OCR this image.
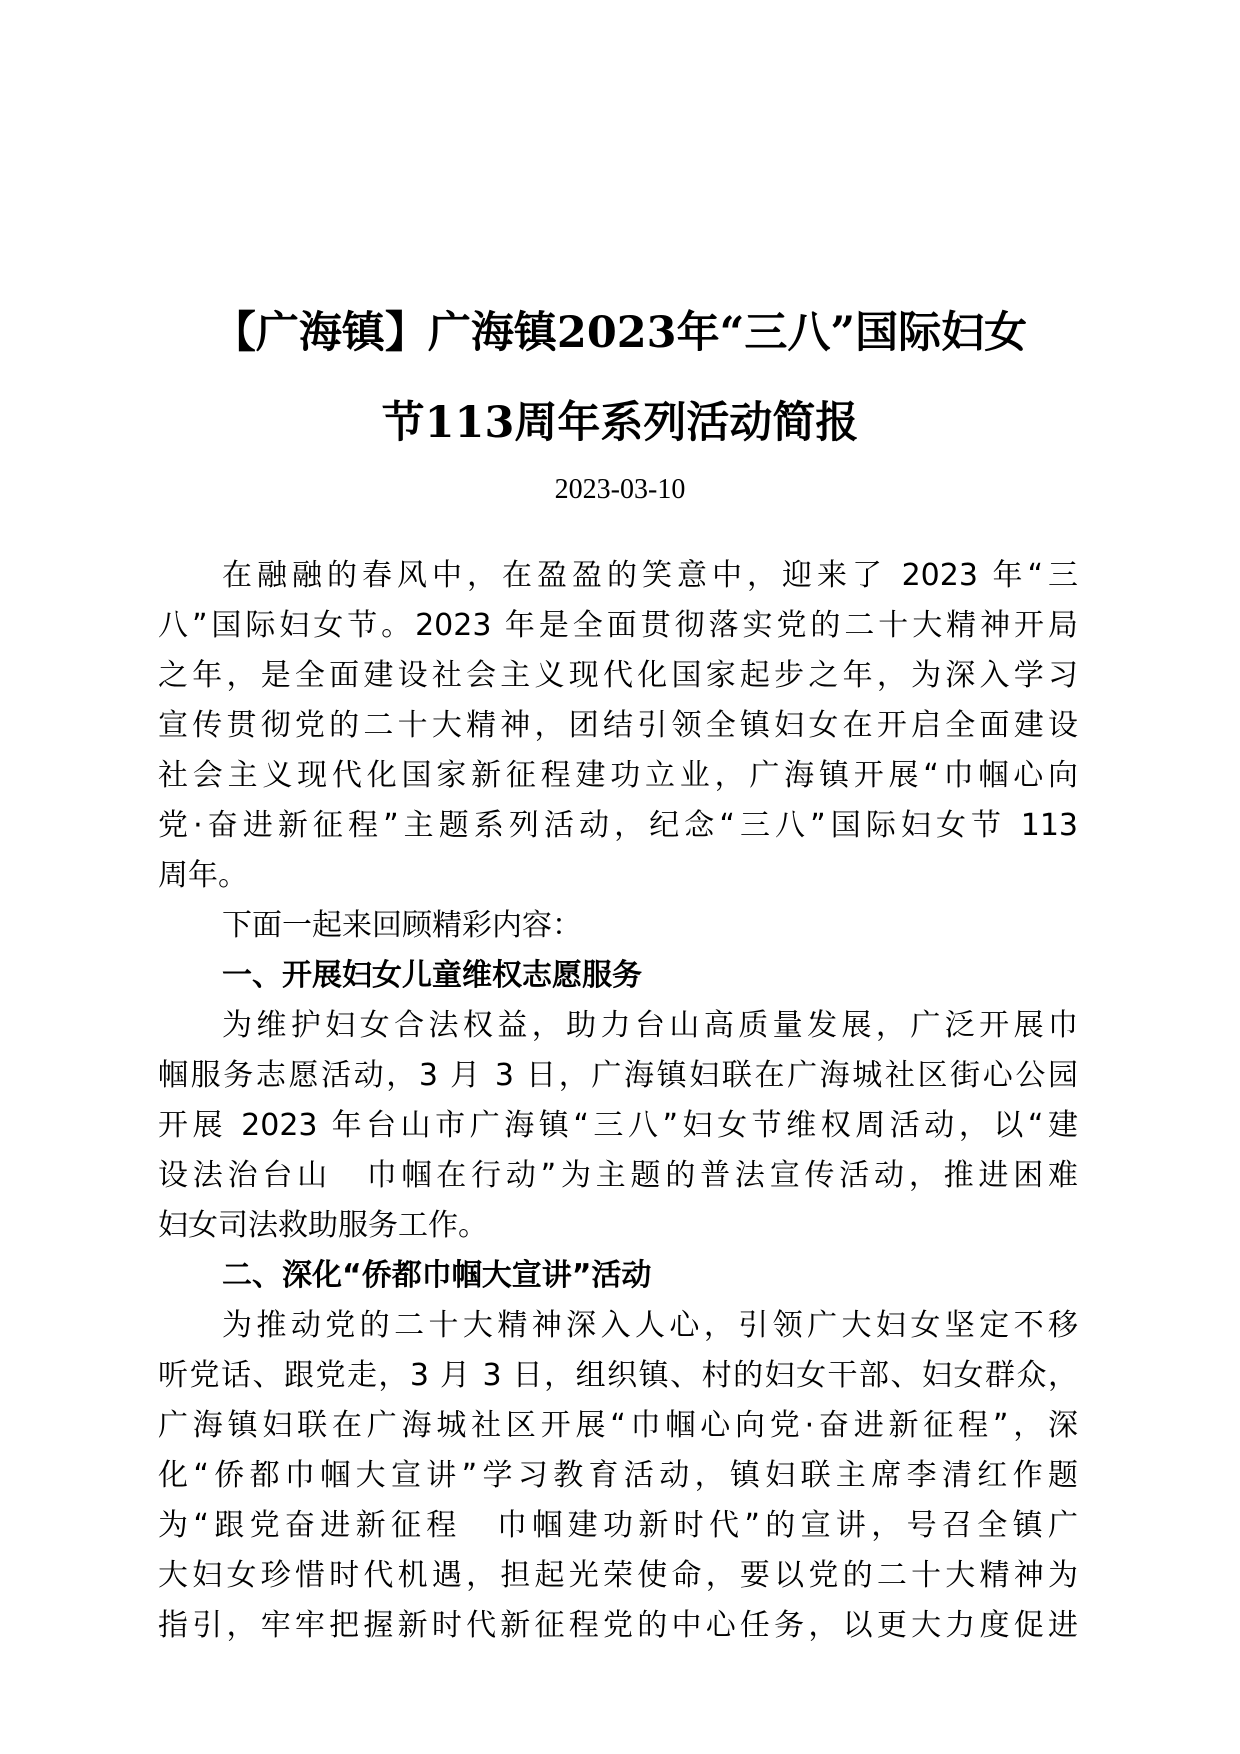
【广海镇】广海镇2023年“三八”国际妇女
节113周年系列活动简报
2023-03-10
在融融的春风中，在盈盈的笑意中，迎来了 2023 年“三
八”国际妇女节。2023 年是全面贯彻落实党的二十大精神开局
之年，是全面建设社会主义现代化国家起步之年，为深入学习
宣传贯彻党的二十大精神，团结引领全镇妇女在开启全面建设
社会主义现代化国家新征程建功立业，广海镇开展“巾帼心向
党·奋进新征程”主题系列活动，纪念“三八”国际妇女节 113
周年。
下面一起来回顾精彩内容：
一、开展妇女儿童维权志愿服务
为维护妇女合法权益，助力台山高质量发展，广泛开展巾
帼服务志愿活动，3 月 3 日，广海镇妇联在广海城社区街心公园
开展 2023 年台山市广海镇“三八”妇女节维权周活动，以“建
设法治台山　巾帼在行动”为主题的普法宣传活动，推进困难
妇女司法救助服务工作。
二、深化“侨都巾帼大宣讲”活动
为推动党的二十大精神深入人心，引领广大妇女坚定不移
听党话、跟党走，3 月 3 日，组织镇、村的妇女干部、妇女群众，
广海镇妇联在广海城社区开展“巾帼心向党·奋进新征程”，深
化“侨都巾帼大宣讲”学习教育活动，镇妇联主席李清红作题
为“跟党奋进新征程　巾帼建功新时代”的宣讲，号召全镇广
大妇女珍惜时代机遇，担起光荣使命，要以党的二十大精神为
指引，牢牢把握新时代新征程党的中心任务，以更大力度促进
